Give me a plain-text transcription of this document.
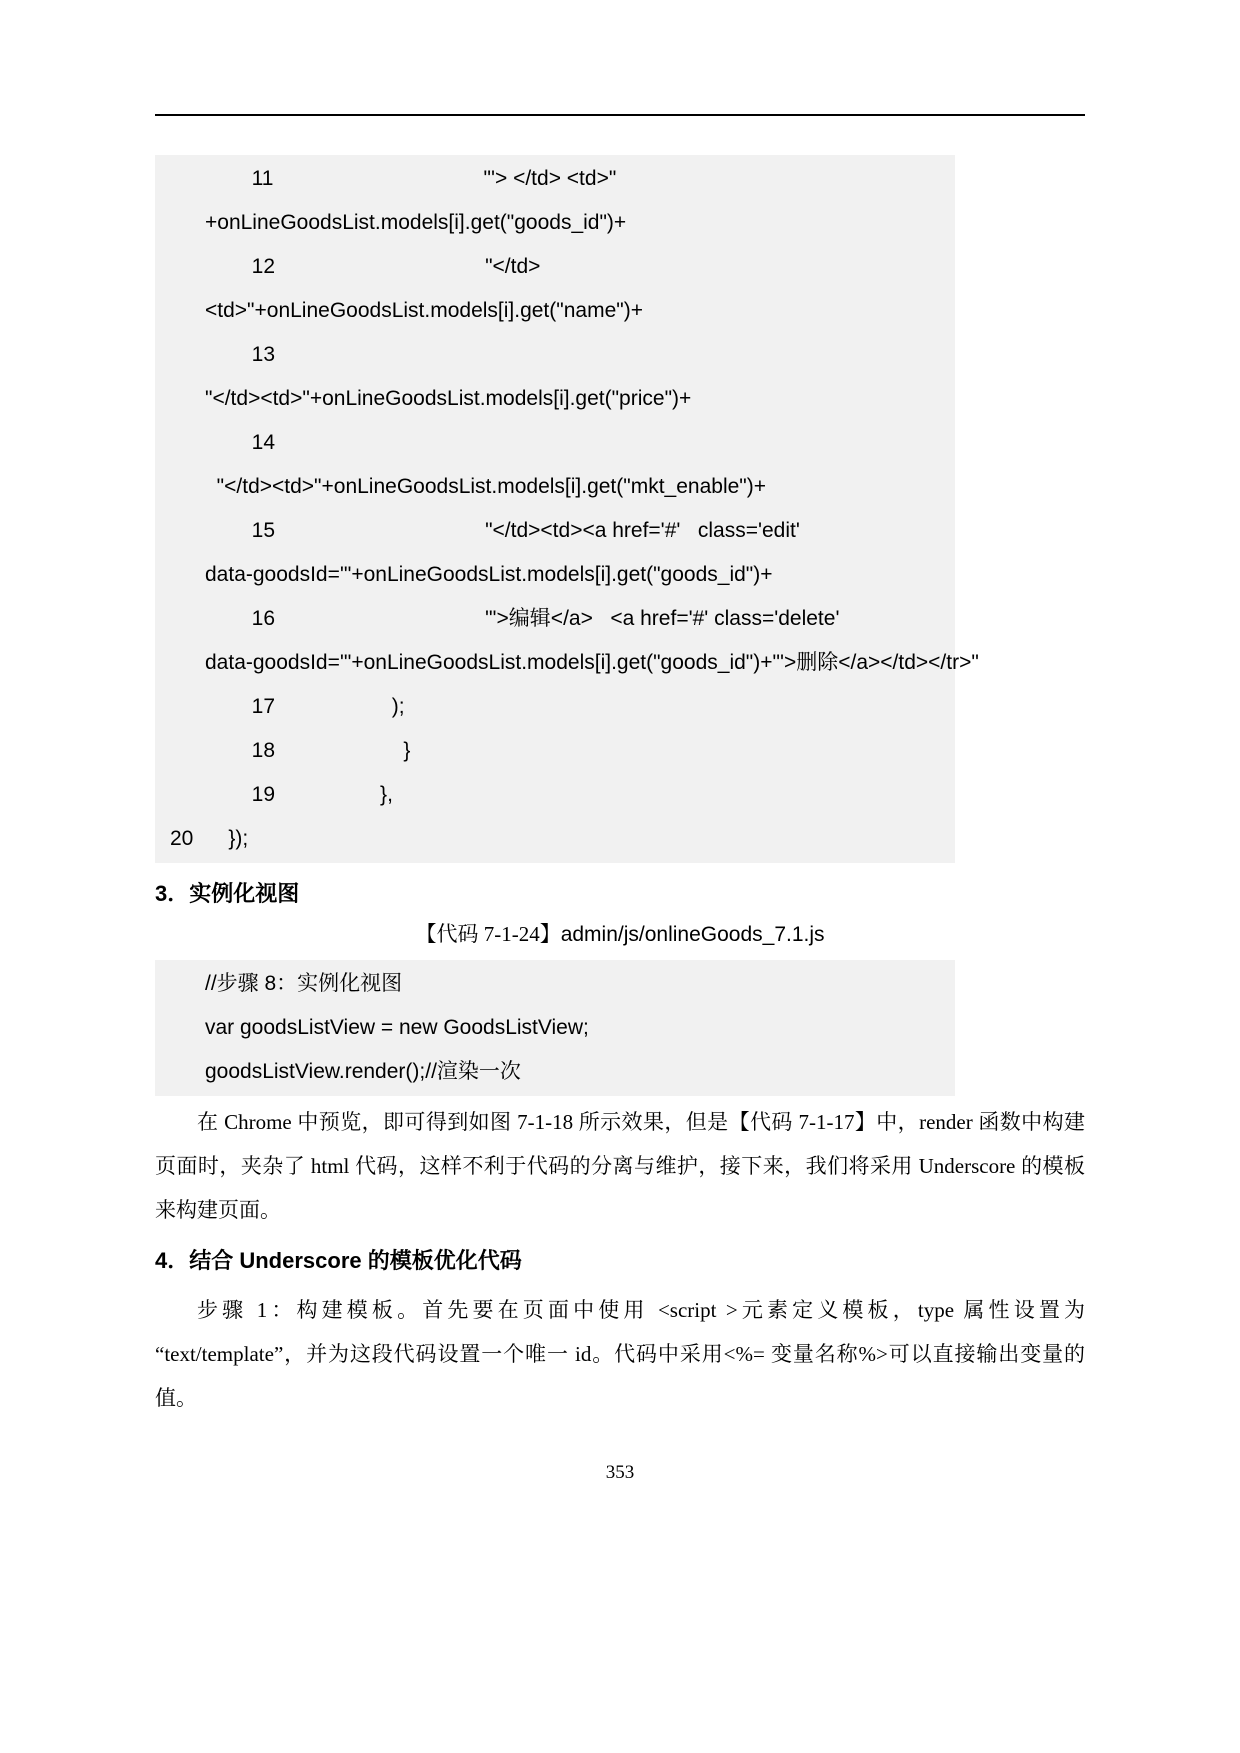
11                                    "'> </td> <td>"
+onLineGoodsList.models[i].get("goods_id")+
12                                    "</td>
<td>"+onLineGoodsList.models[i].get("name")+
13
"</td><td>"+onLineGoodsList.models[i].get("price")+
14
"</td><td>"+onLineGoodsList.models[i].get("mkt_enable")+
15                                    "</td><td><a href='#'   class='edit'
data-goodsId='"+onLineGoodsList.models[i].get("goods_id")+
16                                    "'>编辑</a>   <a href='#' class='delete'
data-goodsId='"+onLineGoodsList.models[i].get("goods_id")+"'>删除</a></td></tr>"
17                    );
18                      }
19                  },
20      });
3．实例化视图
【代码 7-1-24】admin/js/onlineGoods_7.1.js
//步骤 8：实例化视图
var goodsListView = new GoodsListView;
goodsListView.render();//渲染一次

在 Chrome 中预览，即可得到如图 7-1-18 所示效果，但是【代码 7-1-17】中，render 函数中构建页面时，夹杂了 html 代码，这样不利于代码的分离与维护，接下来，我们将采用 Underscore 的模板来构建页面。

4．结合 Underscore 的模板优化代码

步骤 1：构建模板。首先要在页面中使用 <script >元素定义模板，type 属性设置为 “text/template”，并为这段代码设置一个唯一 id。代码中采用<%= 变量名称%>可以直接输出变量的值。

353
